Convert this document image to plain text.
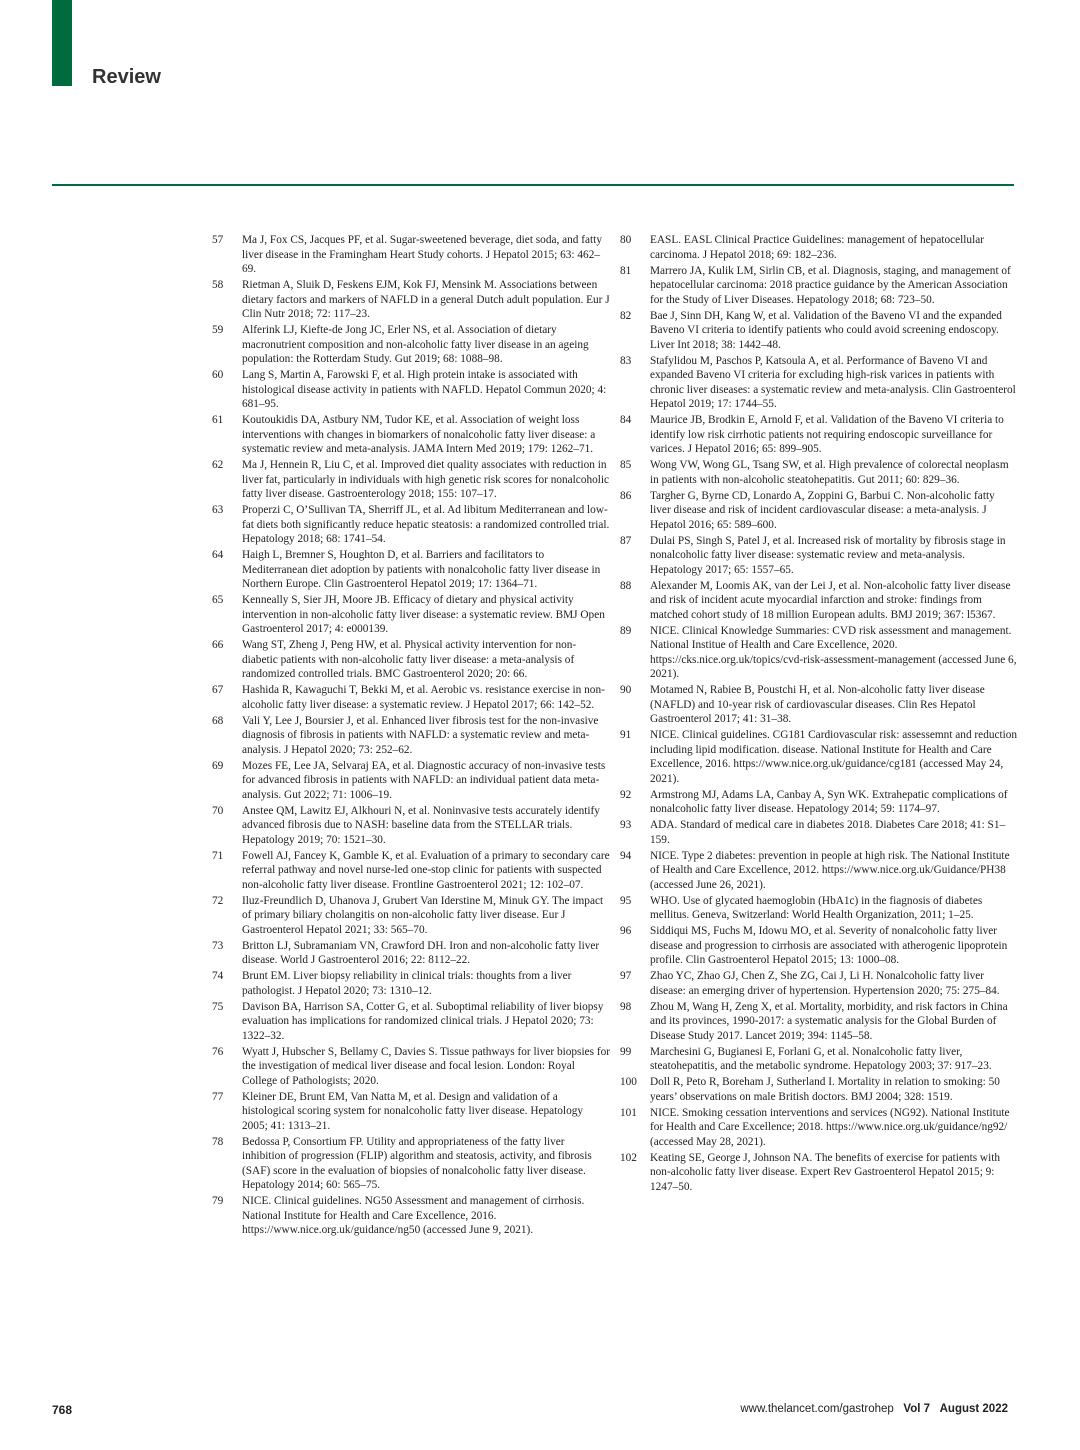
Review
57	Ma J, Fox CS, Jacques PF, et al. Sugar-sweetened beverage, diet soda, and fatty liver disease in the Framingham Heart Study cohorts. J Hepatol 2015; 63: 462–69.
58	Rietman A, Sluik D, Feskens EJM, Kok FJ, Mensink M. Associations between dietary factors and markers of NAFLD in a general Dutch adult population. Eur J Clin Nutr 2018; 72: 117–23.
59	Alferink LJ, Kiefte-de Jong JC, Erler NS, et al. Association of dietary macronutrient composition and non-alcoholic fatty liver disease in an ageing population: the Rotterdam Study. Gut 2019; 68: 1088–98.
60	Lang S, Martin A, Farowski F, et al. High protein intake is associated with histological disease activity in patients with NAFLD. Hepatol Commun 2020; 4: 681–95.
61	Koutoukidis DA, Astbury NM, Tudor KE, et al. Association of weight loss interventions with changes in biomarkers of nonalcoholic fatty liver disease: a systematic review and meta-analysis. JAMA Intern Med 2019; 179: 1262–71.
62	Ma J, Hennein R, Liu C, et al. Improved diet quality associates with reduction in liver fat, particularly in individuals with high genetic risk scores for nonalcoholic fatty liver disease. Gastroenterology 2018; 155: 107–17.
63	Properzi C, O’Sullivan TA, Sherriff JL, et al. Ad libitum Mediterranean and low-fat diets both significantly reduce hepatic steatosis: a randomized controlled trial. Hepatology 2018; 68: 1741–54.
64	Haigh L, Bremner S, Houghton D, et al. Barriers and facilitators to Mediterranean diet adoption by patients with nonalcoholic fatty liver disease in Northern Europe. Clin Gastroenterol Hepatol 2019; 17: 1364–71.
65	Kenneally S, Sier JH, Moore JB. Efficacy of dietary and physical activity intervention in non-alcoholic fatty liver disease: a systematic review. BMJ Open Gastroenterol 2017; 4: e000139.
66	Wang ST, Zheng J, Peng HW, et al. Physical activity intervention for non-diabetic patients with non-alcoholic fatty liver disease: a meta-analysis of randomized controlled trials. BMC Gastroenterol 2020; 20: 66.
67	Hashida R, Kawaguchi T, Bekki M, et al. Aerobic vs. resistance exercise in non-alcoholic fatty liver disease: a systematic review. J Hepatol 2017; 66: 142–52.
68	Vali Y, Lee J, Boursier J, et al. Enhanced liver fibrosis test for the non-invasive diagnosis of fibrosis in patients with NAFLD: a systematic review and meta-analysis. J Hepatol 2020; 73: 252–62.
69	Mozes FE, Lee JA, Selvaraj EA, et al. Diagnostic accuracy of non-invasive tests for advanced fibrosis in patients with NAFLD: an individual patient data meta-analysis. Gut 2022; 71: 1006–19.
70	Anstee QM, Lawitz EJ, Alkhouri N, et al. Noninvasive tests accurately identify advanced fibrosis due to NASH: baseline data from the STELLAR trials. Hepatology 2019; 70: 1521–30.
71	Fowell AJ, Fancey K, Gamble K, et al. Evaluation of a primary to secondary care referral pathway and novel nurse-led one-stop clinic for patients with suspected non-alcoholic fatty liver disease. Frontline Gastroenterol 2021; 12: 102–07.
72	Iluz-Freundlich D, Uhanova J, Grubert Van Iderstine M, Minuk GY. The impact of primary biliary cholangitis on non-alcoholic fatty liver disease. Eur J Gastroenterol Hepatol 2021; 33: 565–70.
73	Britton LJ, Subramaniam VN, Crawford DH. Iron and non-alcoholic fatty liver disease. World J Gastroenterol 2016; 22: 8112–22.
74	Brunt EM. Liver biopsy reliability in clinical trials: thoughts from a liver pathologist. J Hepatol 2020; 73: 1310–12.
75	Davison BA, Harrison SA, Cotter G, et al. Suboptimal reliability of liver biopsy evaluation has implications for randomized clinical trials. J Hepatol 2020; 73: 1322–32.
76	Wyatt J, Hubscher S, Bellamy C, Davies S. Tissue pathways for liver biopsies for the investigation of medical liver disease and focal lesion. London: Royal College of Pathologists; 2020.
77	Kleiner DE, Brunt EM, Van Natta M, et al. Design and validation of a histological scoring system for nonalcoholic fatty liver disease. Hepatology 2005; 41: 1313–21.
78	Bedossa P, Consortium FP. Utility and appropriateness of the fatty liver inhibition of progression (FLIP) algorithm and steatosis, activity, and fibrosis (SAF) score in the evaluation of biopsies of nonalcoholic fatty liver disease. Hepatology 2014; 60: 565–75.
79	NICE. Clinical guidelines. NG50 Assessment and management of cirrhosis. National Institute for Health and Care Excellence, 2016. https://www.nice.org.uk/guidance/ng50 (accessed June 9, 2021).
80	EASL. EASL Clinical Practice Guidelines: management of hepatocellular carcinoma. J Hepatol 2018; 69: 182–236.
81	Marrero JA, Kulik LM, Sirlin CB, et al. Diagnosis, staging, and management of hepatocellular carcinoma: 2018 practice guidance by the American Association for the Study of Liver Diseases. Hepatology 2018; 68: 723–50.
82	Bae J, Sinn DH, Kang W, et al. Validation of the Baveno VI and the expanded Baveno VI criteria to identify patients who could avoid screening endoscopy. Liver Int 2018; 38: 1442–48.
83	Stafylidou M, Paschos P, Katsoula A, et al. Performance of Baveno VI and expanded Baveno VI criteria for excluding high-risk varices in patients with chronic liver diseases: a systematic review and meta-analysis. Clin Gastroenterol Hepatol 2019; 17: 1744–55.
84	Maurice JB, Brodkin E, Arnold F, et al. Validation of the Baveno VI criteria to identify low risk cirrhotic patients not requiring endoscopic surveillance for varices. J Hepatol 2016; 65: 899–905.
85	Wong VW, Wong GL, Tsang SW, et al. High prevalence of colorectal neoplasm in patients with non-alcoholic steatohepatitis. Gut 2011; 60: 829–36.
86	Targher G, Byrne CD, Lonardo A, Zoppini G, Barbui C. Non-alcoholic fatty liver disease and risk of incident cardiovascular disease: a meta-analysis. J Hepatol 2016; 65: 589–600.
87	Dulai PS, Singh S, Patel J, et al. Increased risk of mortality by fibrosis stage in nonalcoholic fatty liver disease: systematic review and meta-analysis. Hepatology 2017; 65: 1557–65.
88	Alexander M, Loomis AK, van der Lei J, et al. Non-alcoholic fatty liver disease and risk of incident acute myocardial infarction and stroke: findings from matched cohort study of 18 million European adults. BMJ 2019; 367: l5367.
89	NICE. Clinical Knowledge Summaries: CVD risk assessment and management. National Institue of Health and Care Excellence, 2020. https://cks.nice.org.uk/topics/cvd-risk-assessment-management (accessed June 6, 2021).
90	Motamed N, Rabiee B, Poustchi H, et al. Non-alcoholic fatty liver disease (NAFLD) and 10-year risk of cardiovascular diseases. Clin Res Hepatol Gastroenterol 2017; 41: 31–38.
91	NICE. Clinical guidelines. CG181 Cardiovascular risk: assessemnt and reduction including lipid modification. disease. National Institute for Health and Care Excellence, 2016. https://www.nice.org.uk/guidance/cg181 (accessed May 24, 2021).
92	Armstrong MJ, Adams LA, Canbay A, Syn WK. Extrahepatic complications of nonalcoholic fatty liver disease. Hepatology 2014; 59: 1174–97.
93	ADA. Standard of medical care in diabetes 2018. Diabetes Care 2018; 41: S1–159.
94	NICE. Type 2 diabetes: prevention in people at high risk. The National Institute of Health and Care Excellence, 2012. https://www.nice.org.uk/Guidance/PH38 (accessed June 26, 2021).
95	WHO. Use of glycated haemoglobin (HbA1c) in the fiagnosis of diabetes mellitus. Geneva, Switzerland: World Health Organization, 2011; 1–25.
96	Siddiqui MS, Fuchs M, Idowu MO, et al. Severity of nonalcoholic fatty liver disease and progression to cirrhosis are associated with atherogenic lipoprotein profile. Clin Gastroenterol Hepatol 2015; 13: 1000–08.
97	Zhao YC, Zhao GJ, Chen Z, She ZG, Cai J, Li H. Nonalcoholic fatty liver disease: an emerging driver of hypertension. Hypertension 2020; 75: 275–84.
98	Zhou M, Wang H, Zeng X, et al. Mortality, morbidity, and risk factors in China and its provinces, 1990-2017: a systematic analysis for the Global Burden of Disease Study 2017. Lancet 2019; 394: 1145–58.
99	Marchesini G, Bugianesi E, Forlani G, et al. Nonalcoholic fatty liver, steatohepatitis, and the metabolic syndrome. Hepatology 2003; 37: 917–23.
100	Doll R, Peto R, Boreham J, Sutherland I. Mortality in relation to smoking: 50 years’ observations on male British doctors. BMJ 2004; 328: 1519.
101	NICE. Smoking cessation interventions and services (NG92). National Institute for Health and Care Excellence; 2018. https://www.nice.org.uk/guidance/ng92/ (accessed May 28, 2021).
102	Keating SE, George J, Johnson NA. The benefits of exercise for patients with non-alcoholic fatty liver disease. Expert Rev Gastroenterol Hepatol 2015; 9: 1247–50.
768	www.thelancet.com/gastrohep Vol 7 August 2022
